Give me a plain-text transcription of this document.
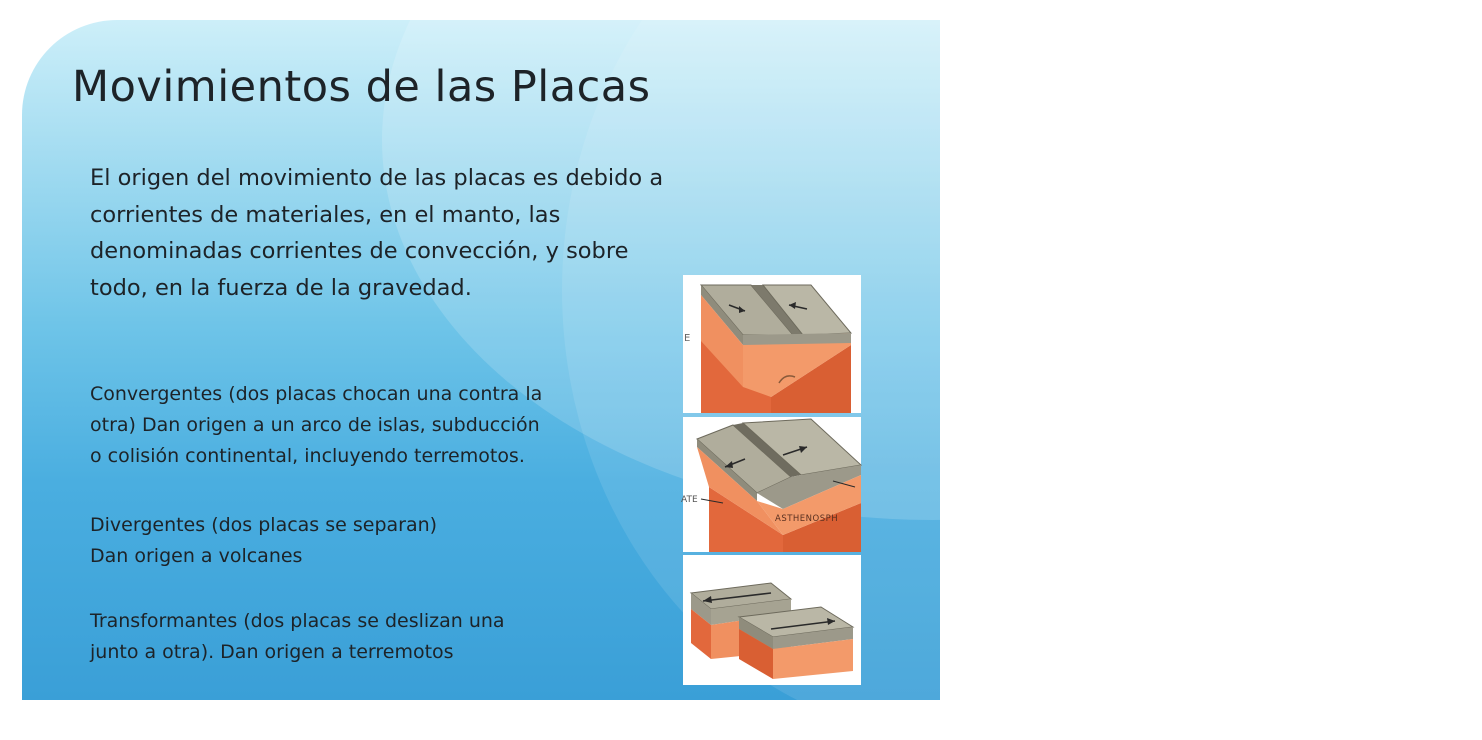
Movimientos de las Placas
El origen del movimiento de las placas es debido a corrientes de materiales, en el manto, las denominadas corrientes de convección, y sobre todo, en la fuerza de la gravedad.
Convergentes (dos placas chocan una contra la
otra) Dan origen a un arco de islas, subducción
o colisión continental, incluyendo terremotos.
Divergentes (dos placas se separan)
Dan origen a volcanes
Transformantes (dos placas se deslizan una
junto a otra). Dan origen a terremotos
E
ATE
ASTHENOSPH
